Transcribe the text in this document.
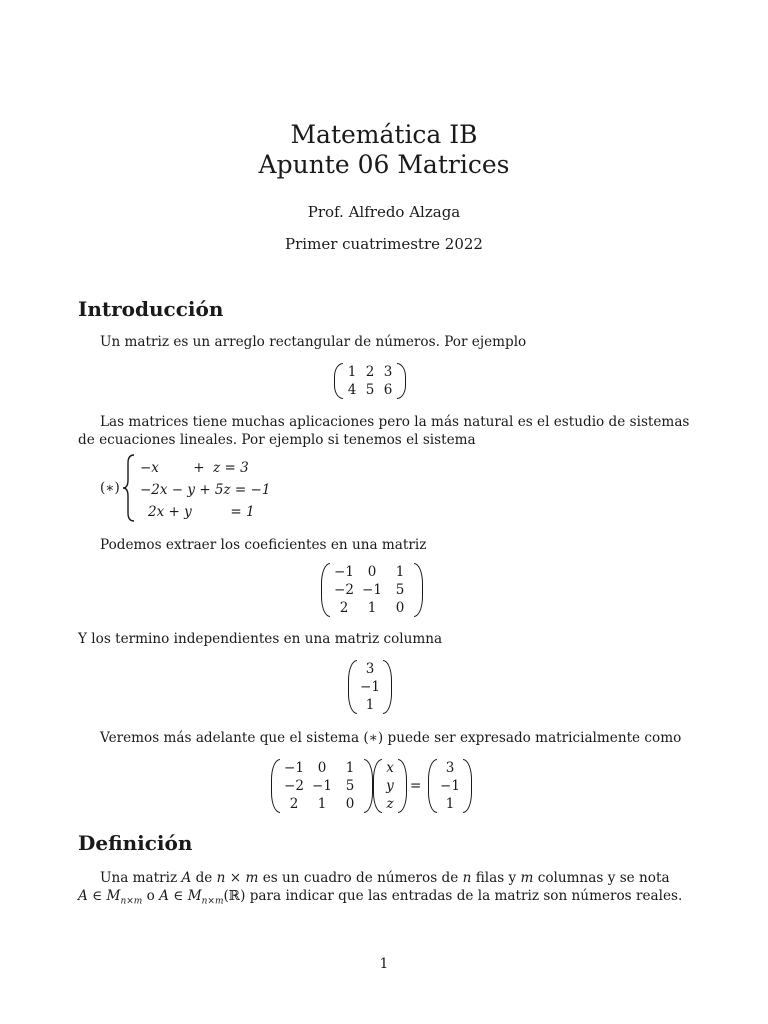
Matemática IB
Apunte 06 Matrices
Prof. Alfredo Alzaga
Primer cuatrimestre 2022
Introducción
Un matriz es un arreglo rectangular de números. Por ejemplo
1 2 3
4 5 6
Las matrices tiene muchas aplicaciones pero la más natural es el estudio de sistemas
de ecuaciones lineales. Por ejemplo si tenemos el sistema
(∗)
−x        +  z = 3
−2x − y + 5z = −1
2x + y         = 1
Podemos extraer los coeficientes en una matriz
−1	0	1
−2 −1	5
2	1	0
Y los termino independientes en una matriz columna
3
−1
1
Veremos más adelante que el sistema (∗) puede ser expresado matricialmente como
−1	0	1
−2 −1	5
2	1	0
x
y
z
=
3
−1
1
Definición
Una matriz A de n × m es un cuadro de números de n filas y m columnas y se nota
A ∈ $M_{n\times m}$ o A ∈ $M_{n\times m}(ℝ)$ para indicar que las entradas de la matriz son números reales.
1
